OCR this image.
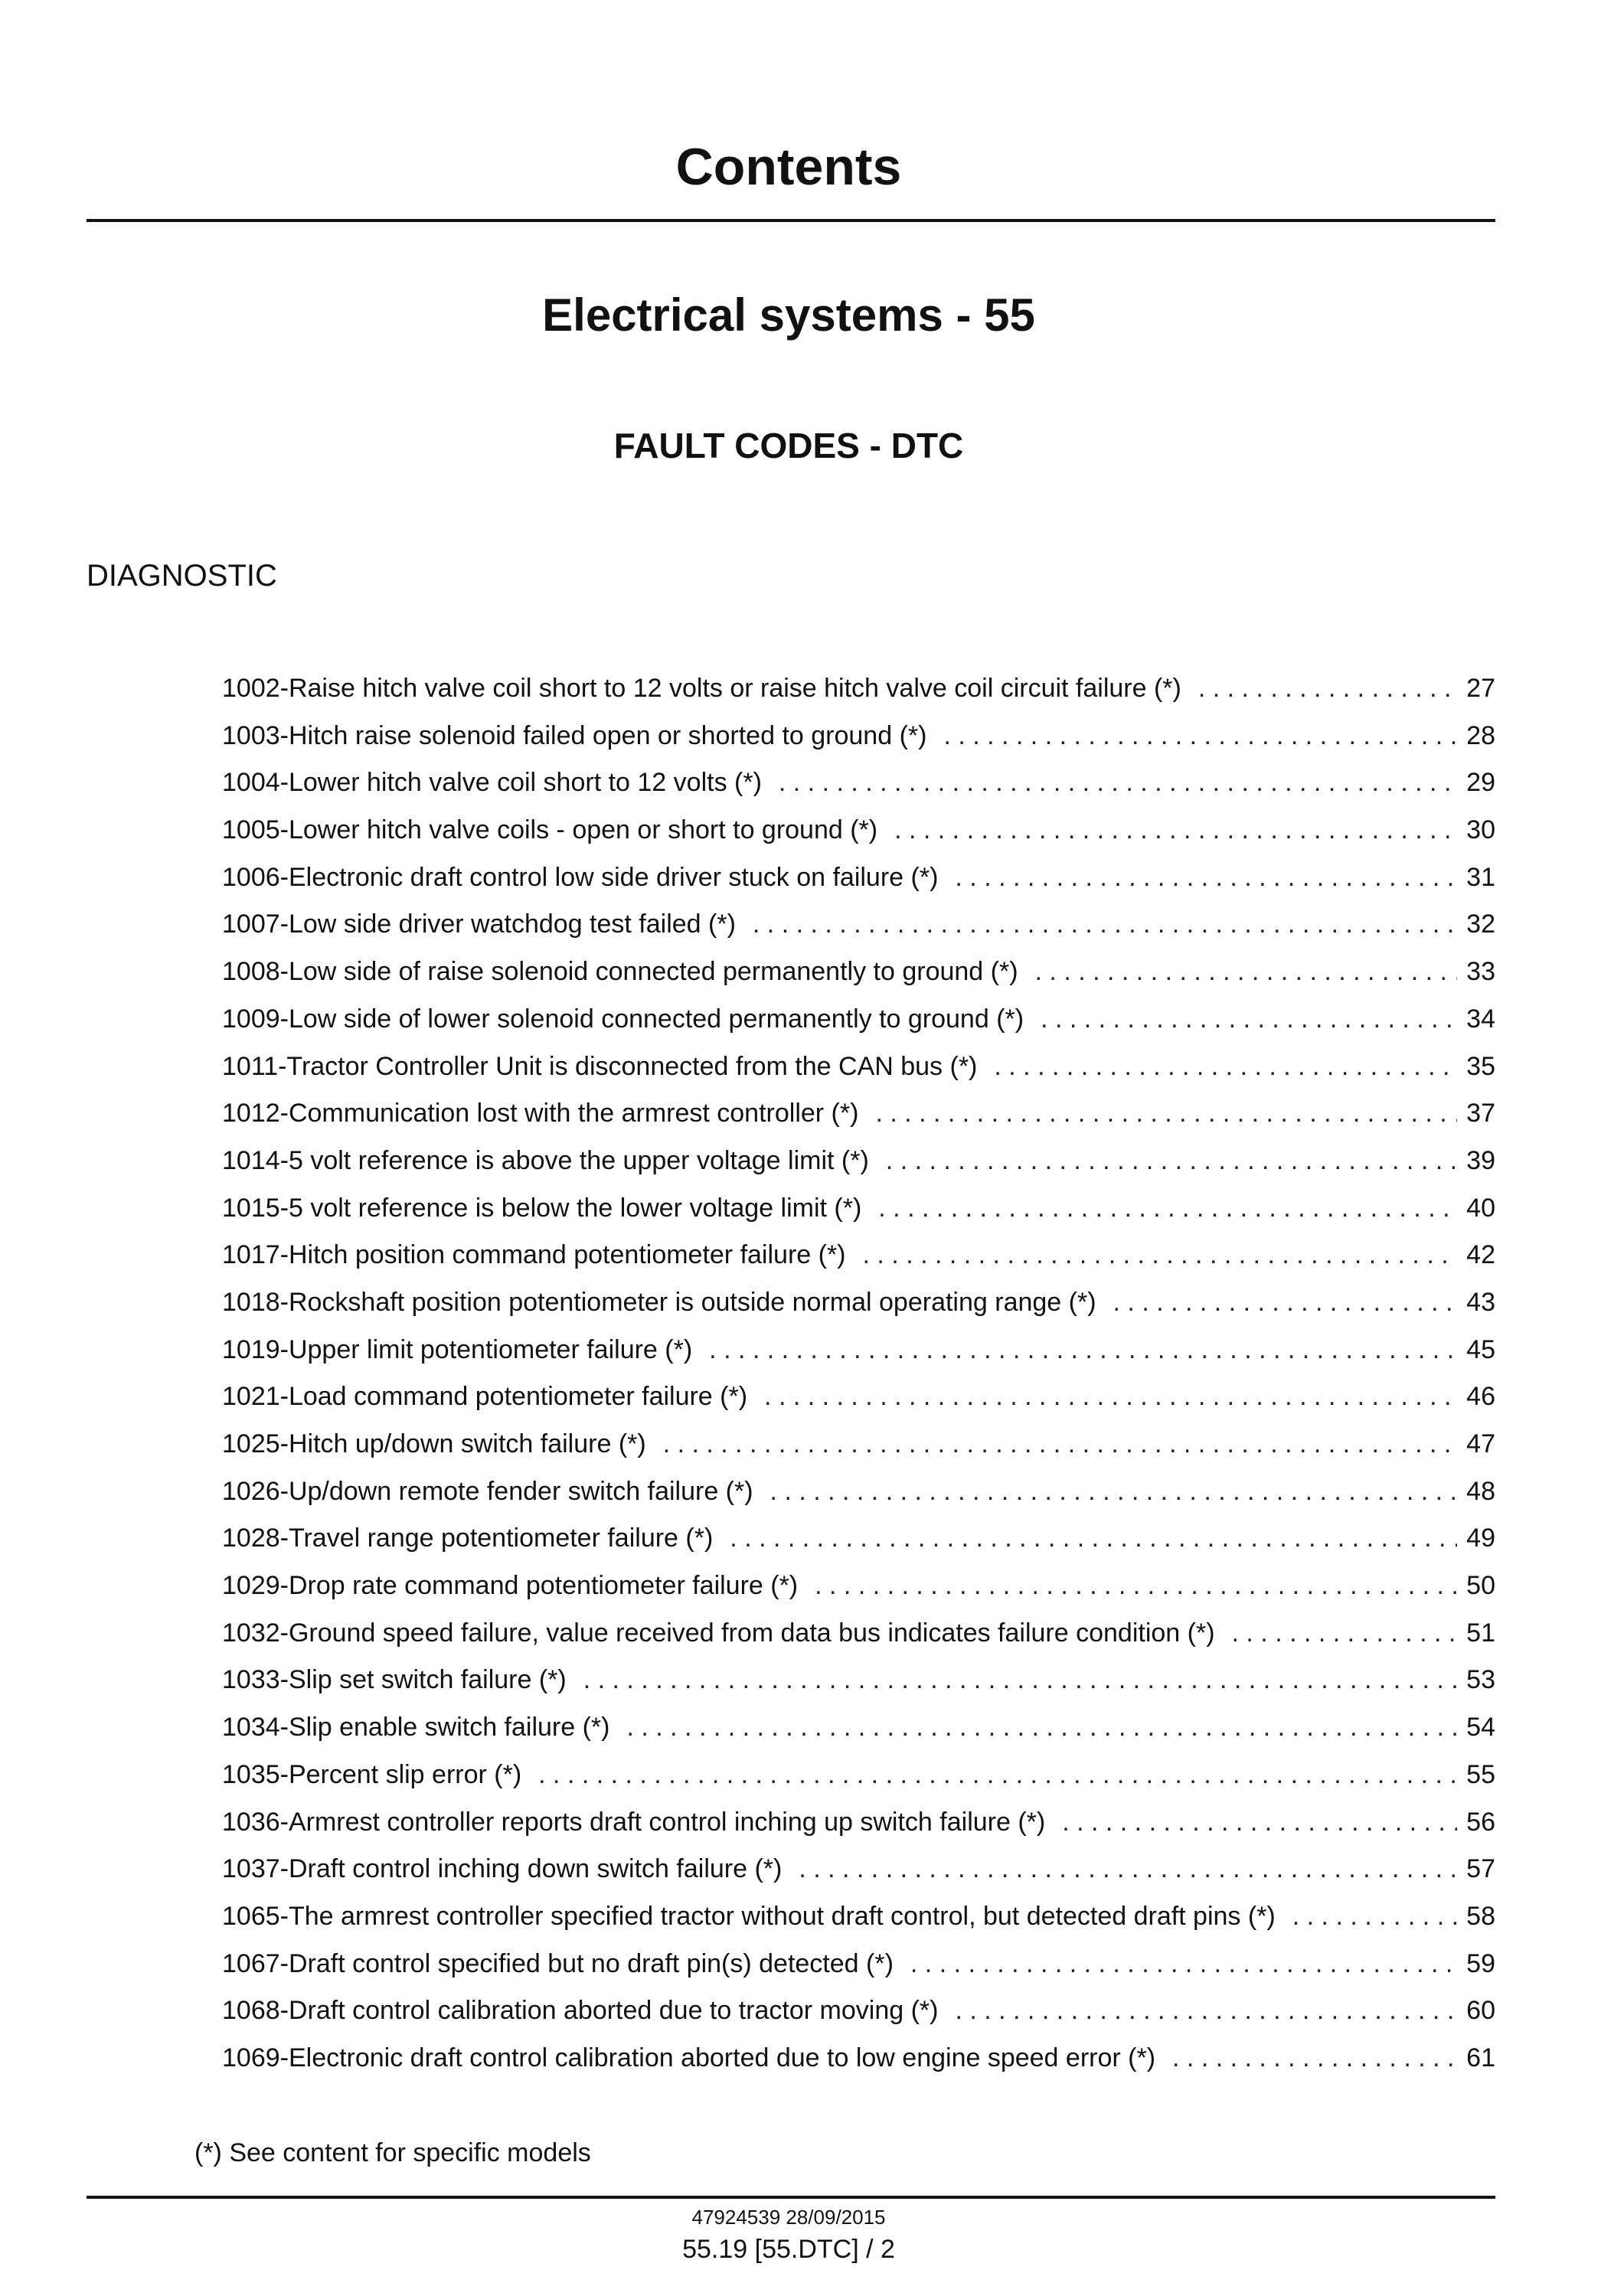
Contents
Electrical systems - 55
FAULT CODES - DTC
DIAGNOSTIC
1002-Raise hitch valve coil short to 12 volts or raise hitch valve coil circuit failure (*) . . .	27
1003-Hitch raise solenoid failed open or shorted to ground (*) . . .	28
1004-Lower hitch valve coil short to 12 volts (*) . . .	29
1005-Lower hitch valve coils - open or short to ground (*) . . .	30
1006-Electronic draft control low side driver stuck on failure (*) . . .	31
1007-Low side driver watchdog test failed (*) . . .	32
1008-Low side of raise solenoid connected permanently to ground (*) . . .	33
1009-Low side of lower solenoid connected permanently to ground (*) . . .	34
1011-Tractor Controller Unit is disconnected from the CAN bus (*) . . .	35
1012-Communication lost with the armrest controller (*) . . .	37
1014-5 volt reference is above the upper voltage limit (*) . . .	39
1015-5 volt reference is below the lower voltage limit (*) . . .	40
1017-Hitch position command potentiometer failure (*) . . .	42
1018-Rockshaft position potentiometer is outside normal operating range (*) . . .	43
1019-Upper limit potentiometer failure (*) . . .	45
1021-Load command potentiometer failure (*) . . .	46
1025-Hitch up/down switch failure (*) . . .	47
1026-Up/down remote fender switch failure (*) . . .	48
1028-Travel range potentiometer failure (*) . . .	49
1029-Drop rate command potentiometer failure (*) . . .	50
1032-Ground speed failure, value received from data bus indicates failure condition (*) . . .	51
1033-Slip set switch failure (*) . . .	53
1034-Slip enable switch failure (*) . . .	54
1035-Percent slip error (*) . . .	55
1036-Armrest controller reports draft control inching up switch failure (*) . . .	56
1037-Draft control inching down switch failure (*) . . .	57
1065-The armrest controller specified tractor without draft control, but detected draft pins (*) . . .	58
1067-Draft control specified but no draft pin(s) detected (*) . . .	59
1068-Draft control calibration aborted due to tractor moving (*) . . .	60
1069-Electronic draft control calibration aborted due to low engine speed error (*) . . .	61
(*) See content for specific models
47924539 28/09/2015
55.19 [55.DTC] / 2
